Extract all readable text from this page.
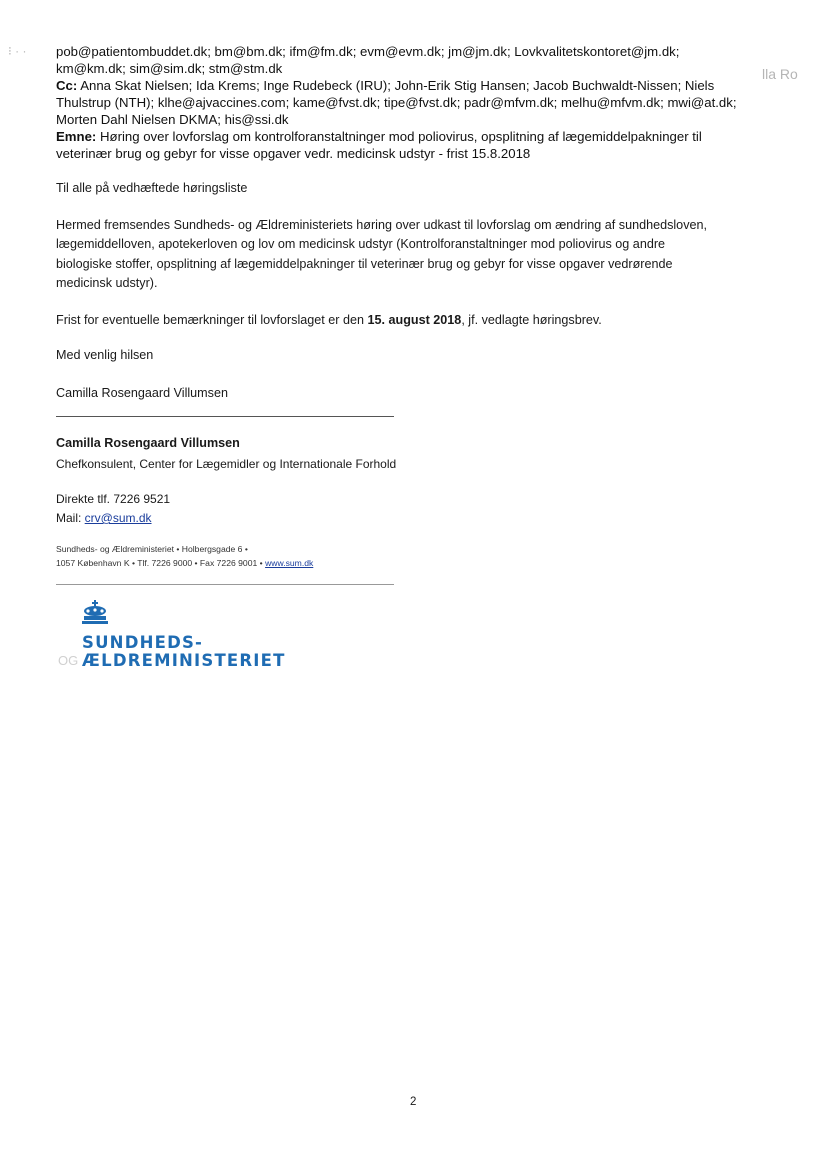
⁝ · ·
lla Ro
pob@patientombuddet.dk; bm@bm.dk; ifm@fm.dk; evm@evm.dk; jm@jm.dk; Lovkvalitetskontoret@jm.dk;
km@km.dk; sim@sim.dk; stm@stm.dk
Cc: Anna Skat Nielsen; Ida Krems; Inge Rudebeck (IRU); John-Erik Stig Hansen; Jacob Buchwaldt-Nissen; Niels
Thulstrup (NTH); klhe@ajvaccines.com; kame@fvst.dk; tipe@fvst.dk; padr@mfvm.dk; melhu@mfvm.dk; mwi@at.dk;
Morten Dahl Nielsen DKMA; his@ssi.dk
Emne: Høring over lovforslag om kontrolforanstaltninger mod poliovirus, opsplitning af lægemiddelpakninger til
veterinær brug og gebyr for visse opgaver vedr. medicinsk udstyr - frist 15.8.2018
Til alle på vedhæftede høringsliste
Hermed fremsendes Sundheds- og Ældreministeriets høring over udkast til lovforslag om ændring af sundhedsloven,
lægemiddelloven, apotekerloven og lov om medicinsk udstyr (Kontrolforanstaltninger mod poliovirus og andre
biologiske stoffer, opsplitning af lægemiddelpakninger til veterinær brug og gebyr for visse opgaver vedrørende
medicinsk udstyr).
Frist for eventuelle bemærkninger til lovforslaget er den 15. august 2018, jf. vedlagte høringsbrev.
Med venlig hilsen
Camilla Rosengaard Villumsen
Camilla Rosengaard Villumsen
Chefkonsulent, Center for Lægemidler og Internationale Forhold
Direkte tlf. 7226 9521
Mail: crv@sum.dk
Sundheds- og Ældreministeriet • Holbergsgade 6 •
1057 København K • Tlf. 7226 9000 • Fax 7226 9001 • www.sum.dk
SUNDHEDS-
ÆLDREMINISTERIET
OG
2
